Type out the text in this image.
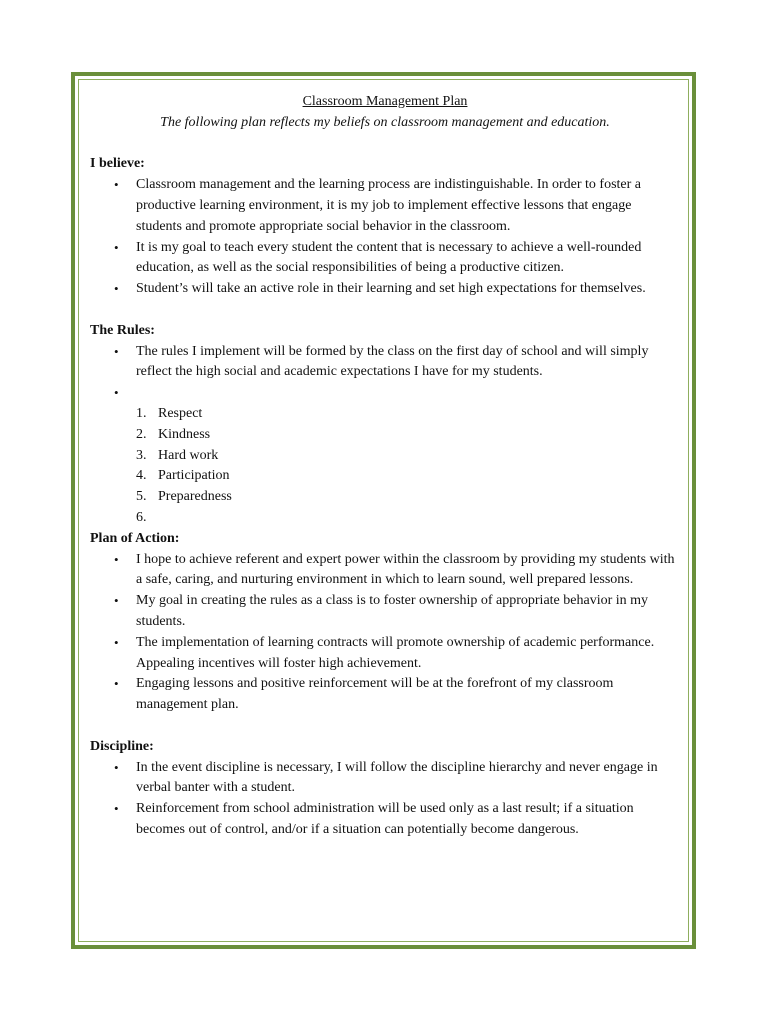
Classroom Management Plan
The following plan reflects my beliefs on classroom management and education.
I believe:
• Classroom management and the learning process are indistinguishable. In order to foster a productive learning environment, it is my job to implement effective lessons that engage students and promote appropriate social behavior in the classroom.
• It is my goal to teach every student the content that is necessary to achieve a well-rounded education, as well as the social responsibilities of being a productive citizen.
• Student’s will take an active role in their learning and set high expectations for themselves.
The Rules:
• The rules I implement will be formed by the class on the first day of school and will simply reflect the high social and academic expectations I have for my students.
•
1. Respect
2. Kindness
3. Hard work
4. Participation
5. Preparedness
6.
Plan of Action:
• I hope to achieve referent and expert power within the classroom by providing my students with a safe, caring, and nurturing environment in which to learn sound, well prepared lessons.
• My goal in creating the rules as a class is to foster ownership of appropriate behavior in my students.
• The implementation of learning contracts will promote ownership of academic performance. Appealing incentives will foster high achievement.
• Engaging lessons and positive reinforcement will be at the forefront of my classroom management plan.
Discipline:
• In the event discipline is necessary, I will follow the discipline hierarchy and never engage in verbal banter with a student.
• Reinforcement from school administration will be used only as a last result; if a situation becomes out of control, and/or if a situation can potentially become dangerous.
